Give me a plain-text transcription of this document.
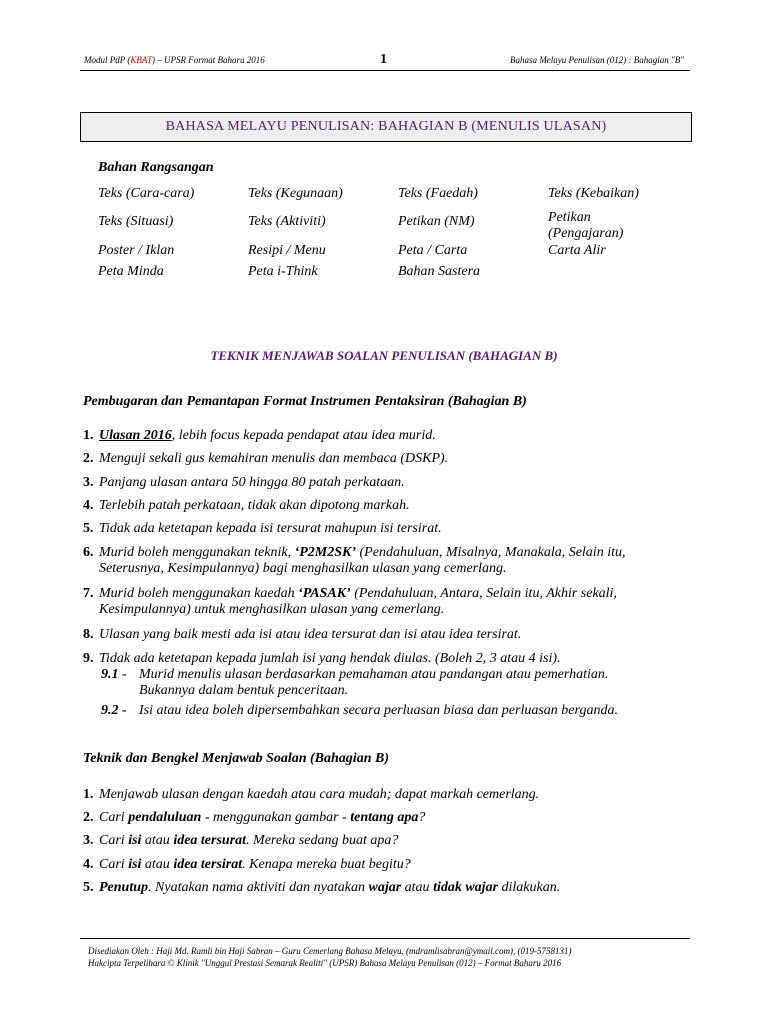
Modul PdP (KBAT) – UPSR Format Baharu 2016	1	Bahasa Melayu Penulisan (012) : Bahagian "B"
BAHASA MELAYU PENULISAN: BAHAGIAN B (MENULIS ULASAN)
Bahan Rangsangan
Teks (Cara-cara)	Teks (Kegunaan)	Teks (Faedah)	Teks (Kebaikan)
Teks (Situasi)	Teks (Aktiviti)	Petikan (NM)	Petikan (Pengajaran)
Poster / Iklan	Resipi / Menu	Peta / Carta	Carta Alir
Peta Minda	Peta i-Think	Bahan Sastera
TEKNIK MENJAWAB SOALAN PENULISAN (BAHAGIAN B)
Pembugaran dan Pemantapan Format Instrumen Pentaksiran (Bahagian B)
1. Ulasan 2016, lebih focus kepada pendapat atau idea murid.
2. Menguji sekali gus kemahiran menulis dan membaca (DSKP).
3. Panjang ulasan antara 50 hingga 80 patah perkataan.
4. Terlebih patah perkataan, tidak akan dipotong markah.
5. Tidak ada ketetapan kepada isi tersurat mahupun isi tersirat.
6. Murid boleh menggunakan teknik, ‘P2M2SK’ (Pendahuluan, Misalnya, Manakala, Selain itu,
Seterusnya, Kesimpulannya) bagi menghasilkan ulasan yang cemerlang.
7. Murid boleh menggunakan kaedah ‘PASAK’ (Pendahuluan, Antara, Selain itu, Akhir sekali,
Kesimpulannya) untuk menghasilkan ulasan yang cemerlang.
8. Ulasan yang baik mesti ada isi atau idea tersurat dan isi atau idea tersirat.
9. Tidak ada ketetapan kepada jumlah isi yang hendak diulas. (Boleh 2, 3 atau 4 isi).
9.1 - Murid menulis ulasan berdasarkan pemahaman atau pandangan atau pemerhatian.
Bukannya dalam bentuk penceritaan.
9.2 - Isi atau idea boleh dipersembahkan secara perluasan biasa dan perluasan berganda.
Teknik dan Bengkel Menjawab Soalan (Bahagian B)
1. Menjawab ulasan dengan kaedah atau cara mudah; dapat markah cemerlang.
2. Cari pendaluluan - menggunakan gambar - tentang apa?
3. Cari isi atau idea tersurat. Mereka sedang buat apa?
4. Cari isi atau idea tersirat. Kenapa mereka buat begitu?
5. Penutup. Nyatakan nama aktiviti dan nyatakan wajar atau tidak wajar dilakukan.
Disediakan Oleh : Haji Md. Ramli bin Haji Sabran – Guru Cemerlang Bahasa Melayu, (mdramlisabran@ymail.com), (019-5758131)
Hakcipta Terpelihara © Klinik "Unggul Prestasi Semarak Realiti" (UPSR) Bahasa Melayu Penulisan (012) – Format Baharu 2016
